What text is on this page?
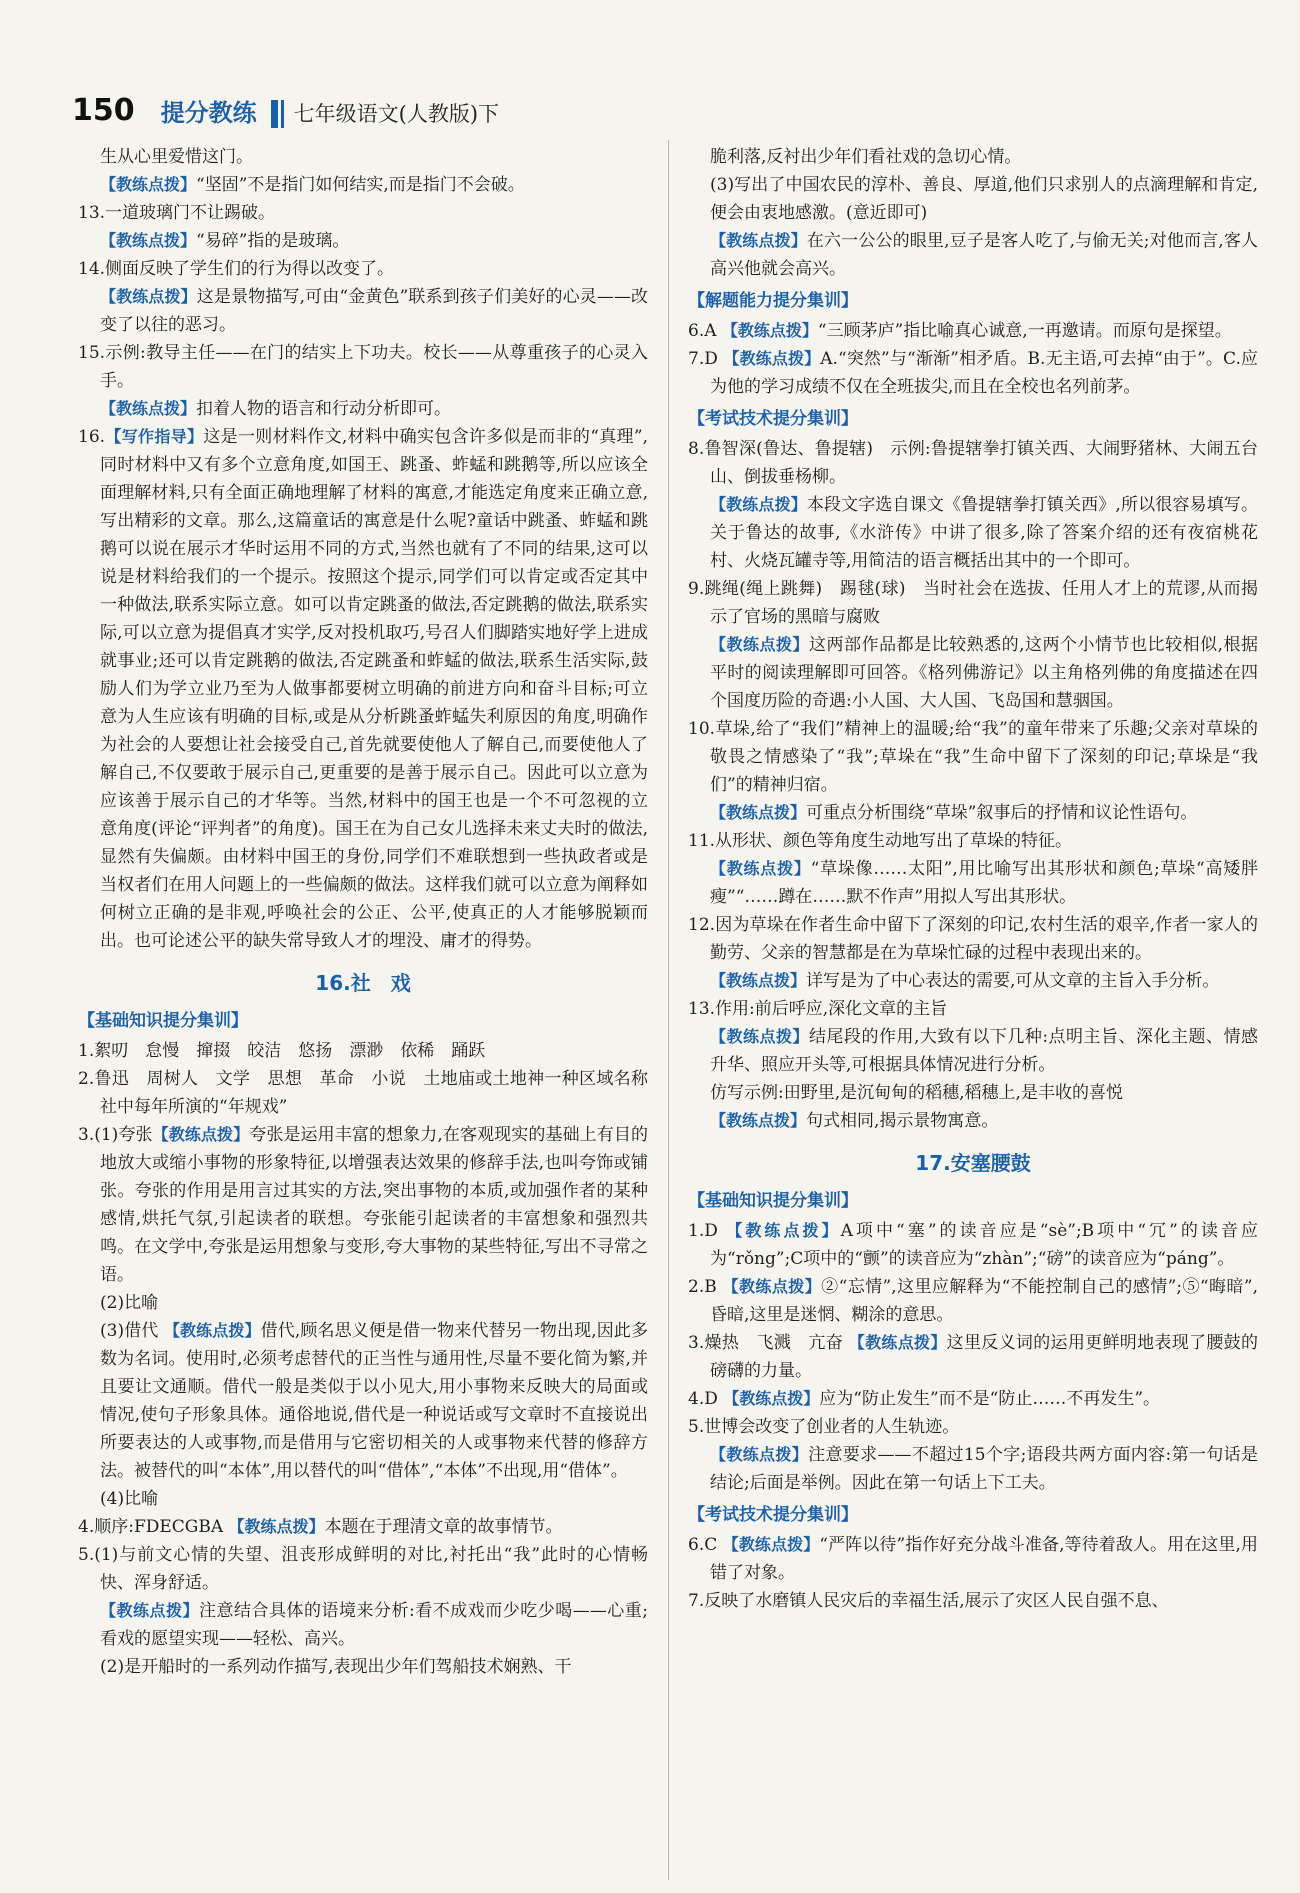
150 提分教练 七年级语文(人教版)下

生从心里爱惜这门。

【教练点拨】“坚固”不是指门如何结实,而是指门不会破。

13.一道玻璃门不让踢破。

【教练点拨】“易碎”指的是玻璃。

14.侧面反映了学生们的行为得以改变了。

【教练点拨】这是景物描写,可由“金黄色”联系到孩子们美好的心灵——改变了以往的恶习。

15.示例:教导主任——在门的结实上下功夫。校长——从尊重孩子的心灵入手。

【教练点拨】扣着人物的语言和行动分析即可。

16.【写作指导】这是一则材料作文,材料中确实包含许多似是而非的“真理”,同时材料中又有多个立意角度,如国王、跳蚤、蚱蜢和跳鹅等,所以应该全面理解材料,只有全面正确地理解了材料的寓意,才能选定角度来正确立意,写出精彩的文章。那么,这篇童话的寓意是什么呢?童话中跳蚤、蚱蜢和跳鹅可以说在展示才华时运用不同的方式,当然也就有了不同的结果,这可以说是材料给我们的一个提示。按照这个提示,同学们可以肯定或否定其中一种做法,联系实际立意。如可以肯定跳蚤的做法,否定跳鹅的做法,联系实际,可以立意为提倡真才实学,反对投机取巧,号召人们脚踏实地好学上进成就事业;还可以肯定跳鹅的做法,否定跳蚤和蚱蜢的做法,联系生活实际,鼓励人们为学立业乃至为人做事都要树立明确的前进方向和奋斗目标;可立意为人生应该有明确的目标,或是从分析跳蚤蚱蜢失利原因的角度,明确作为社会的人要想让社会接受自己,首先就要使他人了解自己,而要使他人了解自己,不仅要敢于展示自己,更重要的是善于展示自己。因此可以立意为应该善于展示自己的才华等。当然,材料中的国王也是一个不可忽视的立意角度(评论“评判者”的角度)。国王在为自己女儿选择未来丈夫时的做法,显然有失偏颇。由材料中国王的身份,同学们不难联想到一些执政者或是当权者们在用人问题上的一些偏颇的做法。这样我们就可以立意为阐释如何树立正确的是非观,呼唤社会的公正、公平,使真正的人才能够脱颖而出。也可论述公平的缺失常导致人才的埋没、庸才的得势。

16.社　戏
【基础知识提分集训】

1.絮叨　怠慢　撺掇　皎洁　悠扬　漂渺　依稀　踊跃

2.鲁迅　周树人　文学　思想　革命　小说　土地庙或土地神一种区域名称　社中每年所演的“年规戏”

3.(1)夸张【教练点拨】夸张是运用丰富的想象力,在客观现实的基础上有目的地放大或缩小事物的形象特征,以增强表达效果的修辞手法,也叫夸饰或铺张。夸张的作用是用言过其实的方法,突出事物的本质,或加强作者的某种感情,烘托气氛,引起读者的联想。夸张能引起读者的丰富想象和强烈共鸣。在文学中,夸张是运用想象与变形,夸大事物的某些特征,写出不寻常之语。

(2)比喻

(3)借代 【教练点拨】借代,顾名思义便是借一物来代替另一物出现,因此多数为名词。使用时,必须考虑替代的正当性与通用性,尽量不要化简为繁,并且要让文通顺。借代一般是类似于以小见大,用小事物来反映大的局面或情况,使句子形象具体。通俗地说,借代是一种说话或写文章时不直接说出所要表达的人或事物,而是借用与它密切相关的人或事物来代替的修辞方法。被替代的叫“本体”,用以替代的叫“借体”,“本体”不出现,用“借体”。

(4)比喻

4.顺序:FDECGBA 【教练点拨】本题在于理清文章的故事情节。

5.(1)与前文心情的失望、沮丧形成鲜明的对比,衬托出“我”此时的心情畅快、浑身舒适。

【教练点拨】注意结合具体的语境来分析:看不成戏而少吃少喝——心重;看戏的愿望实现——轻松、高兴。

(2)是开船时的一系列动作描写,表现出少年们驾船技术娴熟、干

脆利落,反衬出少年们看社戏的急切心情。

(3)写出了中国农民的淳朴、善良、厚道,他们只求别人的点滴理解和肯定,便会由衷地感激。(意近即可)

【教练点拨】在六一公公的眼里,豆子是客人吃了,与偷无关;对他而言,客人高兴他就会高兴。

【解题能力提分集训】

6.A 【教练点拨】“三顾茅庐”指比喻真心诚意,一再邀请。而原句是探望。

7.D 【教练点拨】A.“突然”与“渐渐”相矛盾。B.无主语,可去掉“由于”。C.应为他的学习成绩不仅在全班拔尖,而且在全校也名列前茅。

【考试技术提分集训】

8.鲁智深(鲁达、鲁提辖)　示例:鲁提辖拳打镇关西、大闹野猪林、大闹五台山、倒拔垂杨柳。

【教练点拨】本段文字选自课文《鲁提辖拳打镇关西》,所以很容易填写。关于鲁达的故事,《水浒传》中讲了很多,除了答案介绍的还有夜宿桃花村、火烧瓦罐寺等,用简洁的语言概括出其中的一个即可。

9.跳绳(绳上跳舞)　踢毬(球)　当时社会在选拔、任用人才上的荒谬,从而揭示了官场的黑暗与腐败

【教练点拨】这两部作品都是比较熟悉的,这两个小情节也比较相似,根据平时的阅读理解即可回答。《格列佛游记》以主角格列佛的角度描述在四个国度历险的奇遇:小人国、大人国、飞岛国和慧骃国。

10.草垛,给了“我们”精神上的温暖;给“我”的童年带来了乐趣;父亲对草垛的敬畏之情感染了“我”;草垛在“我”生命中留下了深刻的印记;草垛是“我们”的精神归宿。

【教练点拨】可重点分析围绕“草垛”叙事后的抒情和议论性语句。

11.从形状、颜色等角度生动地写出了草垛的特征。

【教练点拨】“草垛像……太阳”,用比喻写出其形状和颜色;草垛“高矮胖瘦”“……蹲在……默不作声”用拟人写出其形状。

12.因为草垛在作者生命中留下了深刻的印记,农村生活的艰辛,作者一家人的勤劳、父亲的智慧都是在为草垛忙碌的过程中表现出来的。

【教练点拨】详写是为了中心表达的需要,可从文章的主旨入手分析。

13.作用:前后呼应,深化文章的主旨

【教练点拨】结尾段的作用,大致有以下几种:点明主旨、深化主题、情感升华、照应开头等,可根据具体情况进行分析。

仿写示例:田野里,是沉甸甸的稻穗,稻穗上,是丰收的喜悦

【教练点拨】句式相同,揭示景物寓意。

17.安塞腰鼓
【基础知识提分集训】

1.D 【教练点拨】A项中“塞”的读音应是“sè”;B项中“冗”的读音应为“rǒng”;C项中的“颤”的读音应为“zhàn”;“磅”的读音应为“páng”。

2.B 【教练点拨】②“忘情”,这里应解释为“不能控制自己的感情”;⑤“晦暗”,昏暗,这里是迷惘、糊涂的意思。

3.燥热　飞溅　亢奋 【教练点拨】这里反义词的运用更鲜明地表现了腰鼓的磅礴的力量。

4.D 【教练点拨】应为“防止发生”而不是“防止……不再发生”。

5.世博会改变了创业者的人生轨迹。

【教练点拨】注意要求——不超过15个字;语段共两方面内容:第一句话是结论;后面是举例。因此在第一句话上下工夫。

【考试技术提分集训】

6.C 【教练点拨】“严阵以待”指作好充分战斗准备,等待着敌人。用在这里,用错了对象。

7.反映了水磨镇人民灾后的幸福生活,展示了灾区人民自强不息、
